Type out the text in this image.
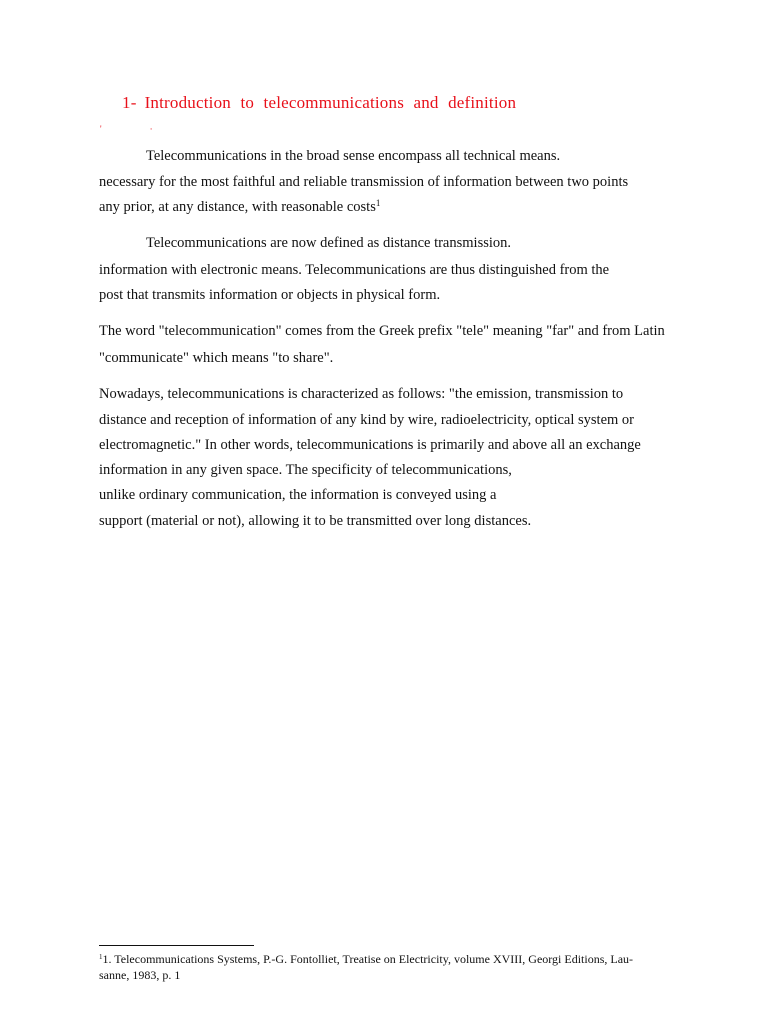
1- Introduction to telecommunications and definition
'	·

Telecommunications in the broad sense encompass all technical means.

necessary for the most faithful and reliable transmission of information between two points

any prior, at any distance, with reasonable costs$^1$

Telecommunications are now defined as distance transmission.

information with electronic means. Telecommunications are thus distinguished from the

post that transmits information or objects in physical form.

The word "telecommunication" comes from the Greek prefix "tele" meaning "far" and from Latin

"communicate" which means "to share".

Nowadays, telecommunications is characterized as follows: "the emission, transmission to

distance and reception of information of any kind by wire, radioelectricity, optical system or

electromagnetic." In other words, telecommunications is primarily and above all an exchange

information in any given space. The specificity of telecommunications,

unlike ordinary communication, the information is conveyed using a

support (material or not), allowing it to be transmitted over long distances.

$^1$1. Telecommunications Systems, P.-G. Fontolliet, Treatise on Electricity, volume XVIII, Georgi Editions, Lau-

sanne, 1983, p. 1
